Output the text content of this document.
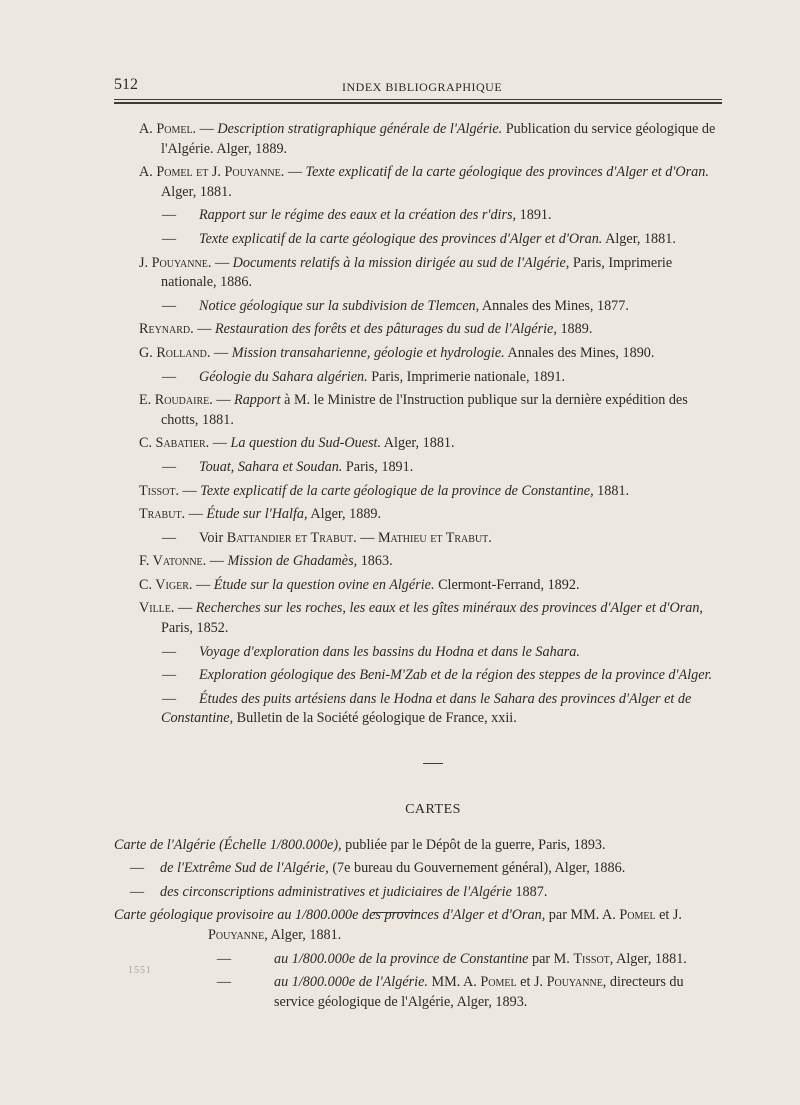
512	INDEX BIBLIOGRAPHIQUE
A. Pomel. — Description stratigraphique générale de l'Algérie. Publication du service géologique de l'Algérie. Alger, 1889.
A. Pomel et J. Pouyanne. — Texte explicatif de la carte géologique des provinces d'Alger et d'Oran. Alger, 1881.
— Rapport sur le régime des eaux et la création des r'dirs, 1891.
— Texte explicatif de la carte géologique des provinces d'Alger et d'Oran. Alger, 1881.
J. Pouyanne. — Documents relatifs à la mission dirigée au sud de l'Algérie, Paris, Imprimerie nationale, 1886.
— Notice géologique sur la subdivision de Tlemcen, Annales des Mines, 1877.
Reynard. — Restauration des forêts et des pâturages du sud de l'Algérie, 1889.
G. Rolland. — Mission transaharienne, géologie et hydrologie. Annales des Mines, 1890.
— Géologie du Sahara algérien. Paris, Imprimerie nationale, 1891.
E. Roudaire. — Rapport à M. le Ministre de l'Instruction publique sur la dernière expédition des chotts, 1881.
C. Sabatier. — La question du Sud-Ouest. Alger, 1881.
— Touat, Sahara et Soudan. Paris, 1891.
Tissot. — Texte explicatif de la carte géologique de la province de Constantine, 1881.
Trabut. — Étude sur l'Halfa, Alger, 1889.
— Voir Battandier et Trabut. — Mathieu et Trabut.
F. Vatonne. — Mission de Ghadamès, 1863.
C. Viger. — Étude sur la question ovine en Algérie. Clermont-Ferrand, 1892.
Ville. — Recherches sur les roches, les eaux et les gîtes minéraux des provinces d'Alger et d'Oran, Paris, 1852.
— Voyage d'exploration dans les bassins du Hodna et dans le Sahara.
— Exploration géologique des Beni-M'Zab et de la région des steppes de la province d'Alger.
— Études des puits artésiens dans le Hodna et dans le Sahara des provinces d'Alger et de Constantine, Bulletin de la Société géologique de France, xxii.
CARTES
Carte de l'Algérie (Échelle 1/800.000e), publiée par le Dépôt de la guerre, Paris, 1893.
— de l'Extrême Sud de l'Algérie, (7e bureau du Gouvernement général), Alger, 1886.
— des circonscriptions administratives et judiciaires de l'Algérie 1887.
Carte géologique provisoire au 1/800.000e des provinces d'Alger et d'Oran, par MM. A. Pomel et J. Pouyanne, Alger, 1881.
—	au 1/800.000e de la province de Constantine par M. Tissot, Alger, 1881.
—	au 1/800.000e de l'Algérie. MM. A. Pomel et J. Pouyanne, directeurs du service géologique de l'Algérie, Alger, 1893.
1551
